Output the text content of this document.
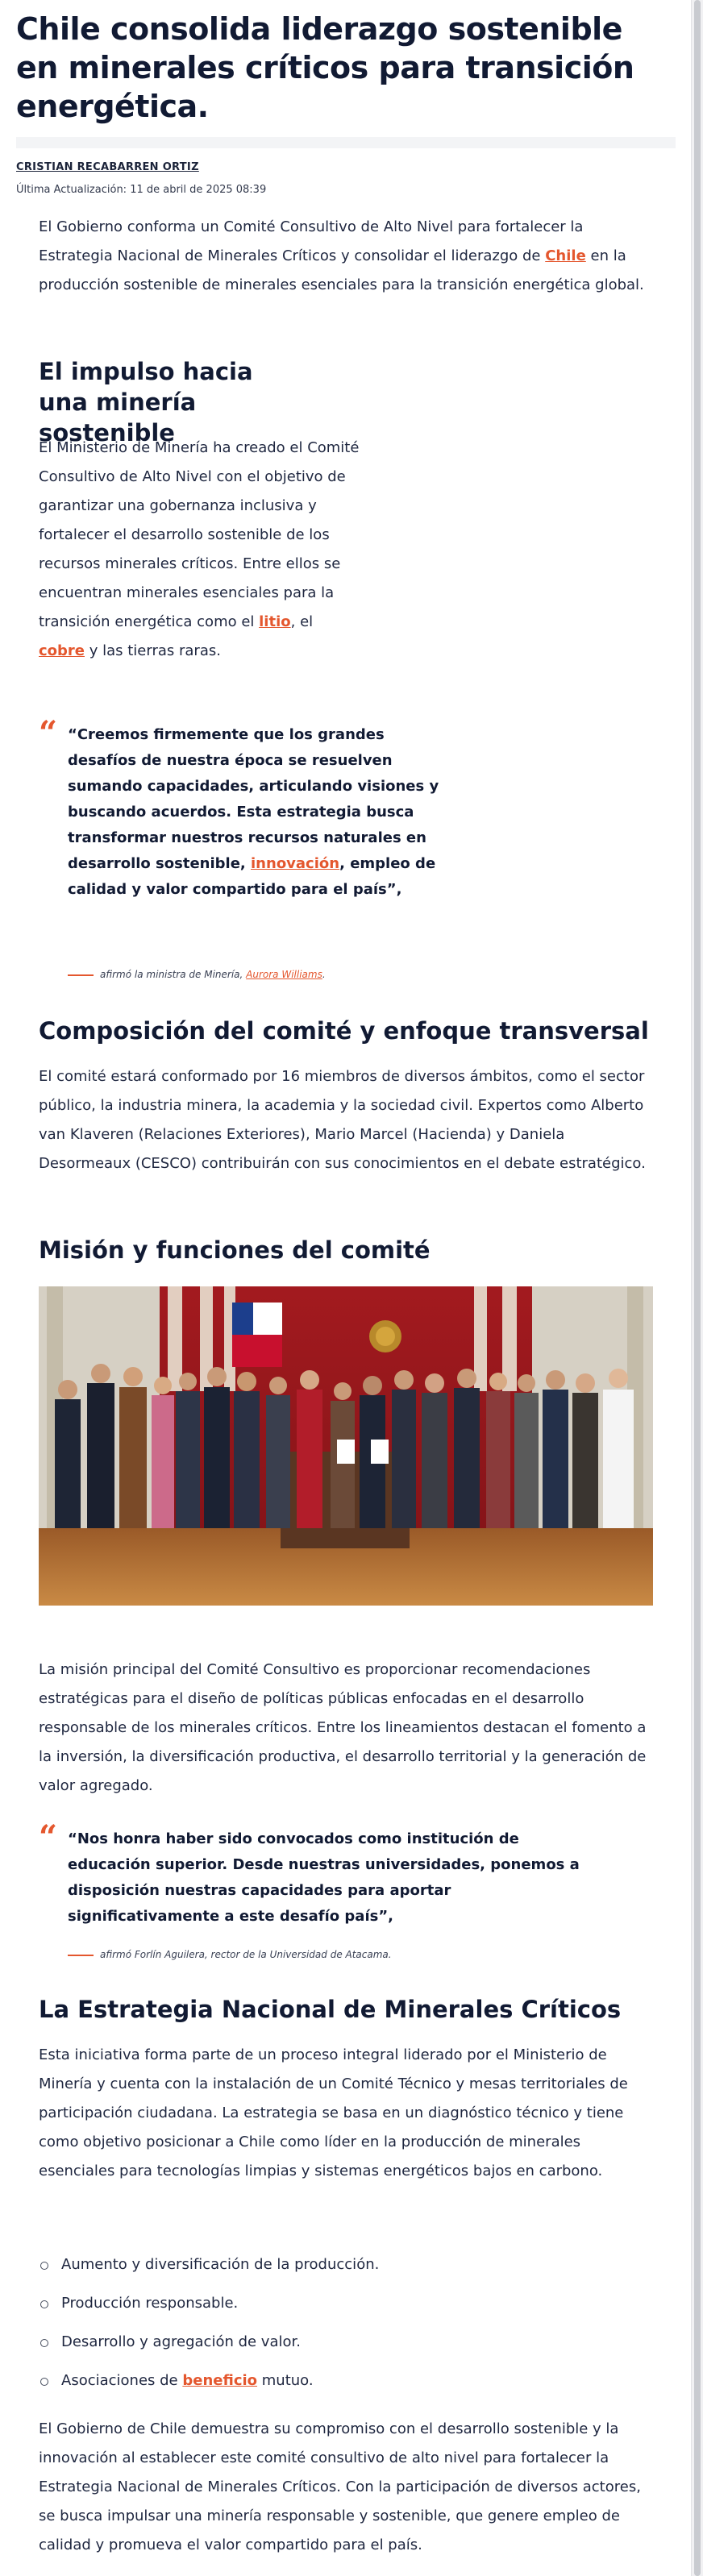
Chile consolida liderazgo sostenible en minerales críticos para transición energética.
CRISTIAN RECABARREN ORTIZ
Última Actualización: 11 de abril de 2025 08:39

El Gobierno conforma un Comité Consultivo de Alto Nivel para fortalecer la Estrategia Nacional de Minerales Críticos y consolidar el liderazgo de Chile en la producción sostenible de minerales esenciales para la transición energética global.

El impulso hacia una minería sostenible

El Ministerio de Minería ha creado el Comité Consultivo de Alto Nivel con el objetivo de garantizar una gobernanza inclusiva y fortalecer el desarrollo sostenible de los recursos minerales críticos. Entre ellos se encuentran minerales esenciales para la transición energética como el litio, el cobre y las tierras raras.

“ “Creemos firmemente que los grandes desafíos de nuestra época se resuelven sumando capacidades, articulando visiones y buscando acuerdos. Esta estrategia busca transformar nuestros recursos naturales en desarrollo sostenible, innovación, empleo de calidad y valor compartido para el país”,

afirmó la ministra de Minería, Aurora Williams.
Composición del comité y enfoque transversal

El comité estará conformado por 16 miembros de diversos ámbitos, como el sector público, la industria minera, la academia y la sociedad civil. Expertos como Alberto van Klaveren (Relaciones Exteriores), Mario Marcel (Hacienda) y Daniela Desormeaux (CESCO) contribuirán con sus conocimientos en el debate estratégico.

Misión y funciones del comité

La misión principal del Comité Consultivo es proporcionar recomendaciones estratégicas para el diseño de políticas públicas enfocadas en el desarrollo responsable de los minerales críticos. Entre los lineamientos destacan el fomento a la inversión, la diversificación productiva, el desarrollo territorial y la generación de valor agregado.

“ “Nos honra haber sido convocados como institución de educación superior. Desde nuestras universidades, ponemos a disposición nuestras capacidades para aportar significativamente a este desafío país”,

afirmó Forlín Aguilera, rector de la Universidad de Atacama.
La Estrategia Nacional de Minerales Críticos

Esta iniciativa forma parte de un proceso integral liderado por el Ministerio de Minería y cuenta con la instalación de un Comité Técnico y mesas territoriales de participación ciudadana. La estrategia se basa en un diagnóstico técnico y tiene como objetivo posicionar a Chile como líder en la producción de minerales esenciales para tecnologías limpias y sistemas energéticos bajos en carbono.

Aumento y diversificación de la producción.
Producción responsable.
Desarrollo y agregación de valor.
Asociaciones de beneficio mutuo.

El Gobierno de Chile demuestra su compromiso con el desarrollo sostenible y la innovación al establecer este comité consultivo de alto nivel para fortalecer la Estrategia Nacional de Minerales Críticos. Con la participación de diversos actores, se busca impulsar una minería responsable y sostenible, que genere empleo de calidad y promueva el valor compartido para el país.
